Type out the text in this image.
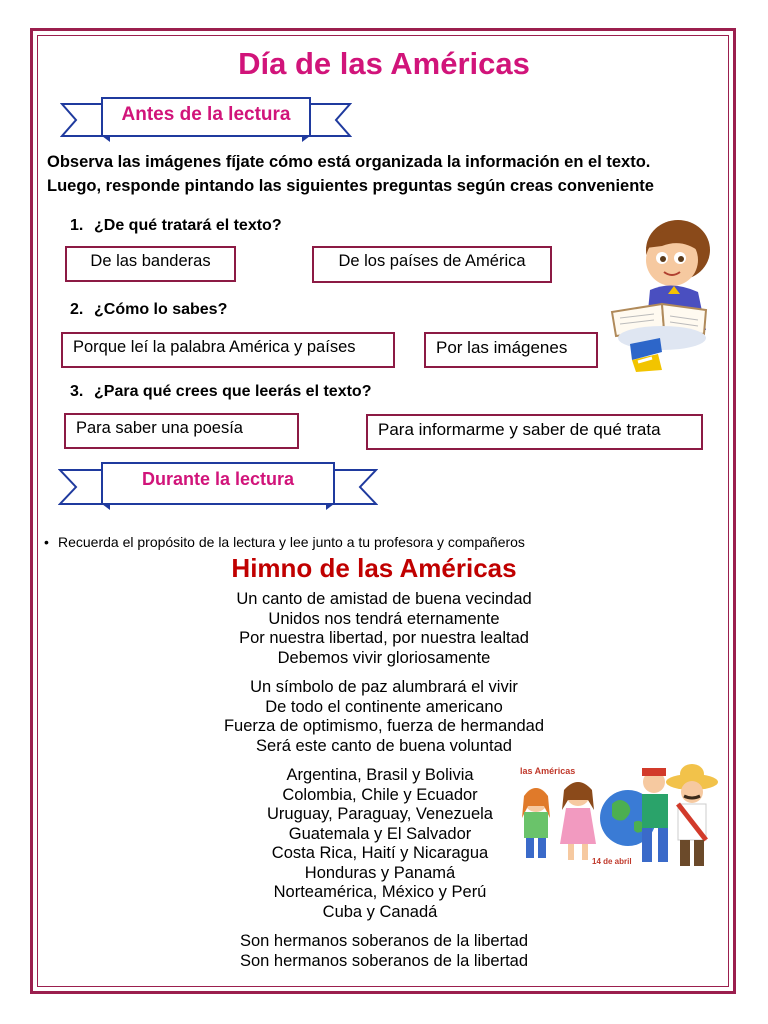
Día de las Américas
Antes de la lectura
Observa las imágenes fíjate cómo está organizada la información en el texto.
Luego, responde pintando las siguientes preguntas según creas conveniente
1. ¿De qué tratará el texto?
De las banderas	De los países de América
2. ¿Cómo lo sabes?
Porque leí la palabra América y países	Por las imágenes
3. ¿Para qué crees que leerás el texto?
Para saber una poesía	Para informarme y saber de qué trata
Durante la lectura
• Recuerda el propósito de la lectura y lee junto a tu profesora y compañeros
Himno de las Américas
Un canto de amistad de buena vecindad
Unidos nos tendrá eternamente
Por nuestra libertad, por nuestra lealtad
Debemos vivir gloriosamente
Un símbolo de paz alumbrará el vivir
De todo el continente americano
Fuerza de optimismo, fuerza de hermandad
Será este canto de buena voluntad
Argentina, Brasil y Bolivia
Colombia, Chile y Ecuador
Uruguay, Paraguay, Venezuela
Guatemala y El Salvador
Costa Rica, Haití y Nicaragua
Honduras y Panamá
Norteamérica, México y Perú
Cuba y Canadá
Son hermanos soberanos de la libertad
Son hermanos soberanos de la libertad
las Américas
14 de abril
